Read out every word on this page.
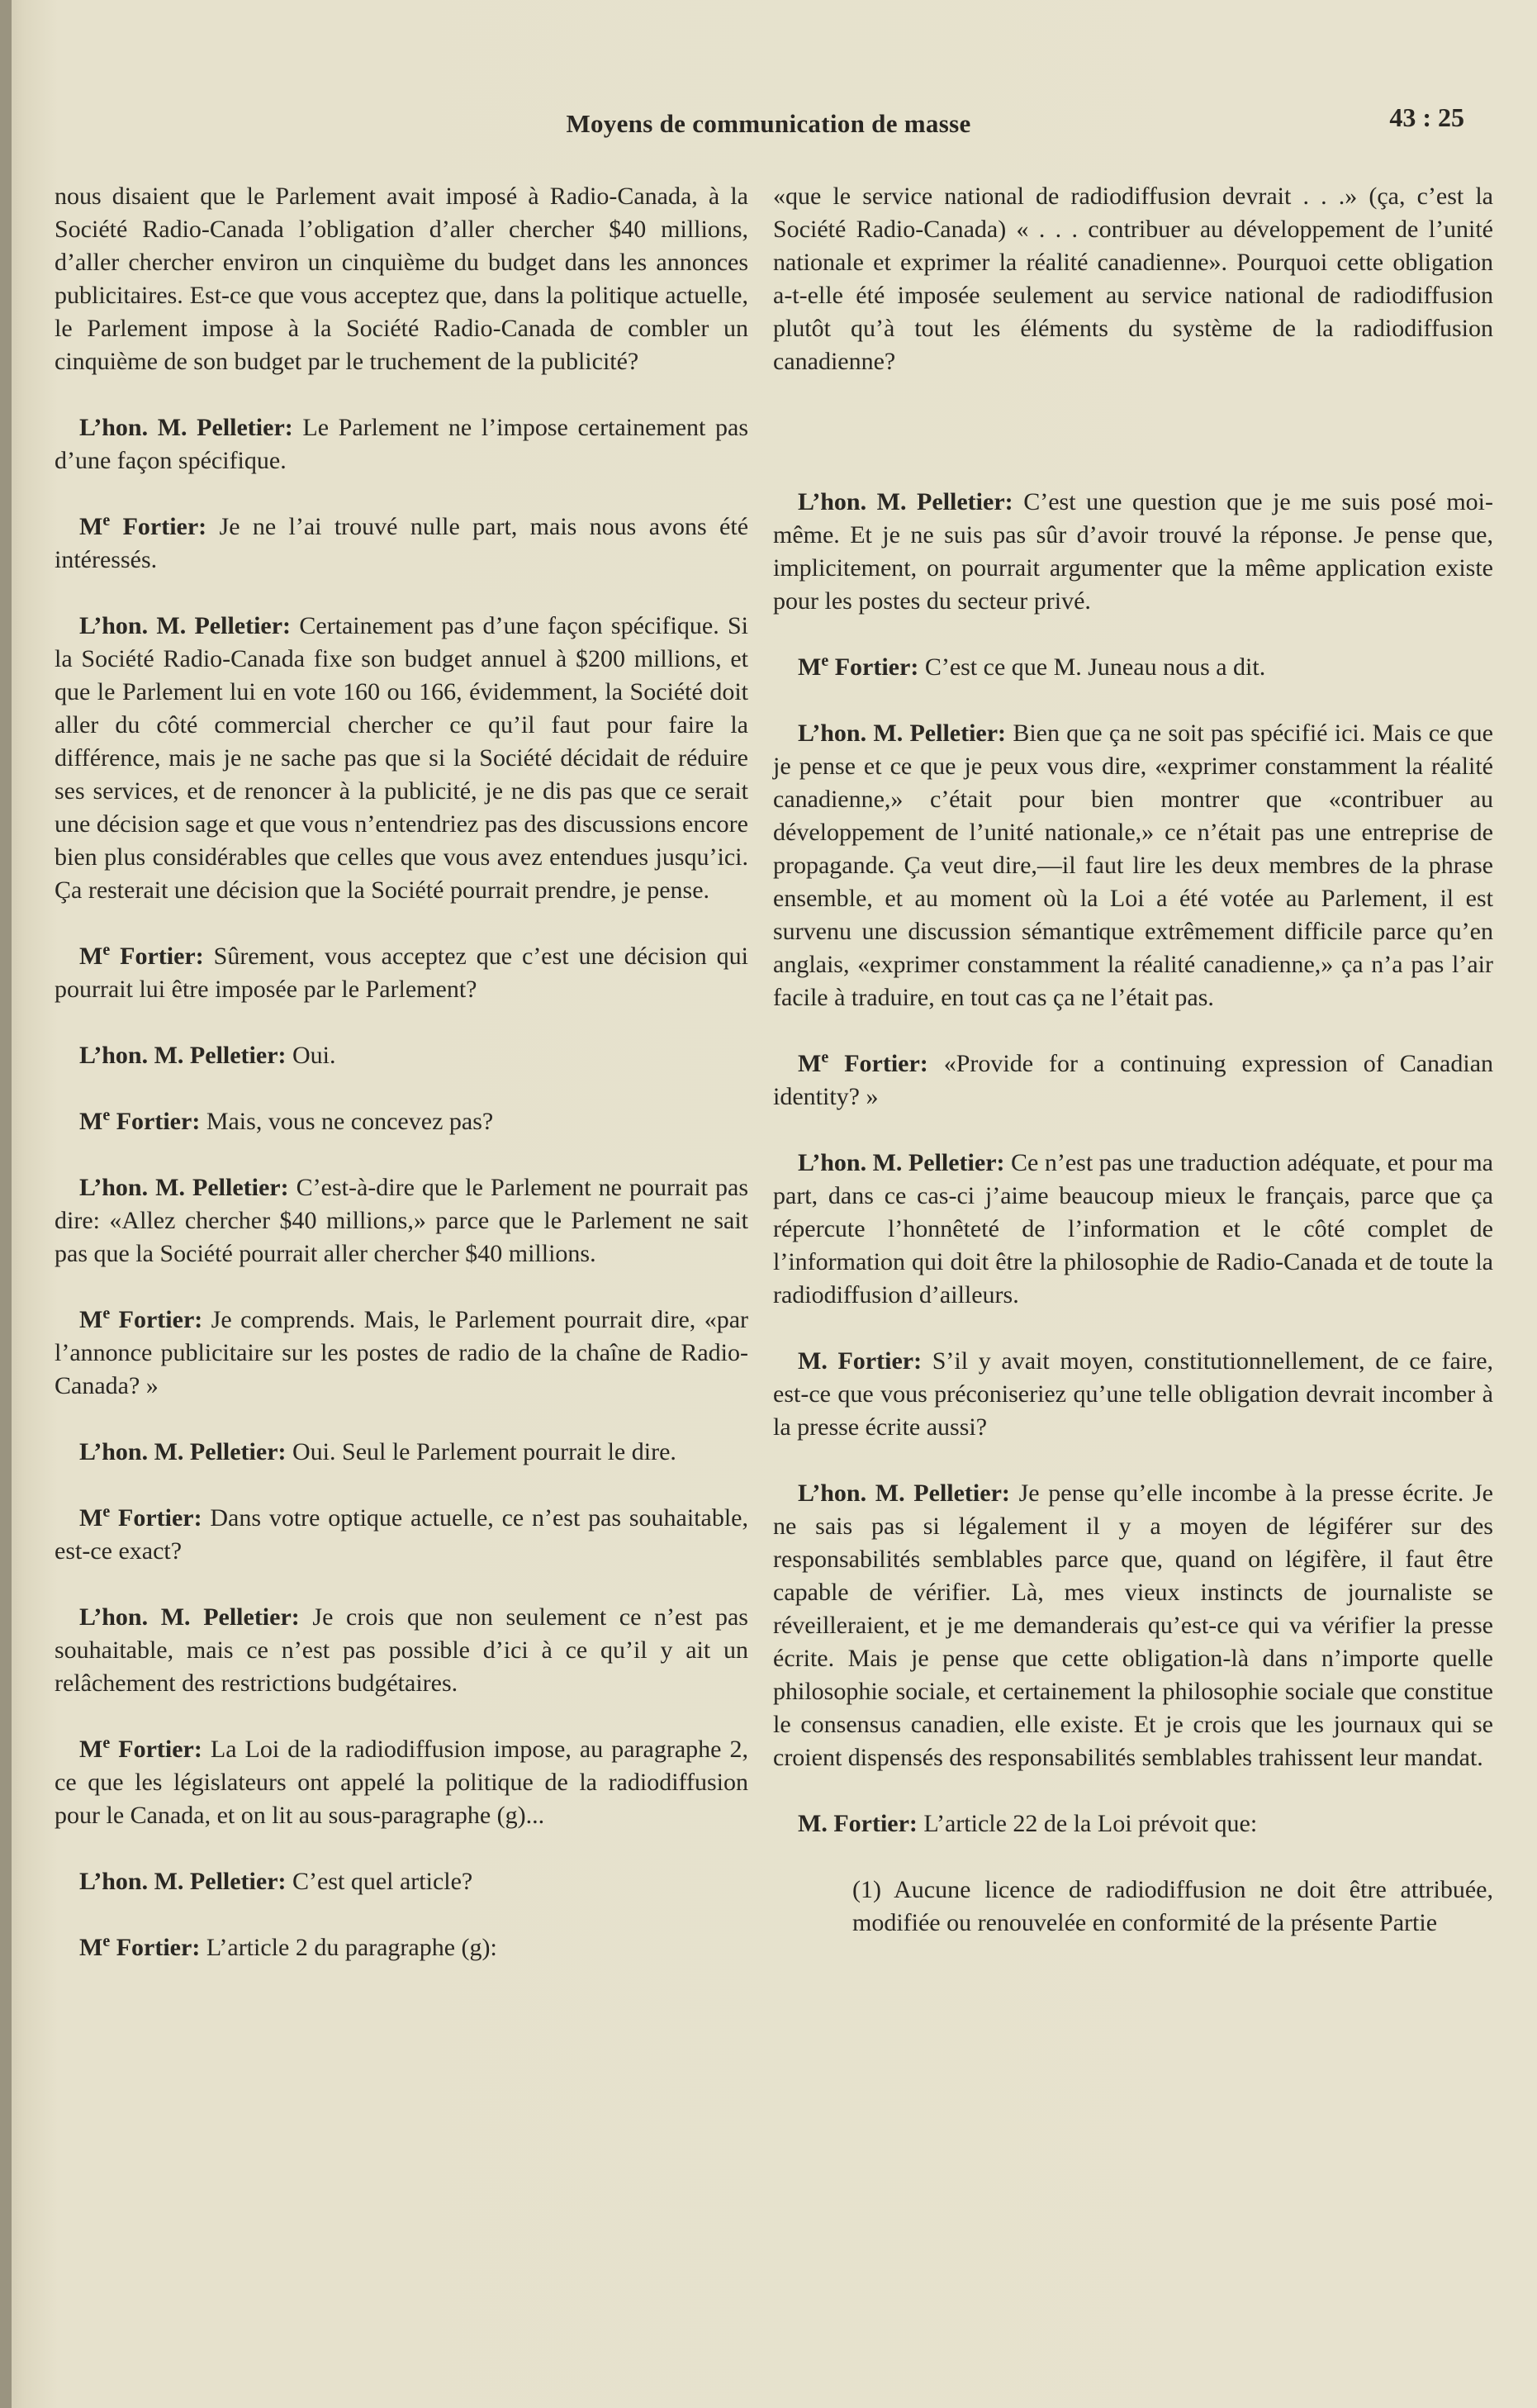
Moyens de communication de masse	43 : 25

nous disaient que le Parlement avait imposé à Radio-Canada, à la Société Radio-Canada l’obligation d’aller chercher $40 millions, d’aller chercher environ un cinquième du budget dans les annonces publicitaires. Est-ce que vous acceptez que, dans la politique actuelle, le Parlement impose à la Société Radio-Canada de combler un cinquième de son budget par le truchement de la publicité?

L’hon. M. Pelletier: Le Parlement ne l’impose certainement pas d’une façon spécifique.

Me Fortier: Je ne l’ai trouvé nulle part, mais nous avons été intéressés.

L’hon. M. Pelletier: Certainement pas d’une façon spécifique. Si la Société Radio-Canada fixe son budget annuel à $200 millions, et que le Parlement lui en vote 160 ou 166, évidemment, la Société doit aller du côté commercial chercher ce qu’il faut pour faire la différence, mais je ne sache pas que si la Société décidait de réduire ses services, et de renoncer à la publicité, je ne dis pas que ce serait une décision sage et que vous n’entendriez pas des discussions encore bien plus considérables que celles que vous avez entendues jusqu’ici. Ça resterait une décision que la Société pourrait prendre, je pense.

Me Fortier: Sûrement, vous acceptez que c’est une décision qui pourrait lui être imposée par le Parlement?

L’hon. M. Pelletier: Oui.

Me Fortier: Mais, vous ne concevez pas?

L’hon. M. Pelletier: C’est-à-dire que le Parlement ne pourrait pas dire: «Allez chercher $40 millions,» parce que le Parlement ne sait pas que la Société pourrait aller chercher $40 millions.

Me Fortier: Je comprends. Mais, le Parlement pourrait dire, «par l’annonce publicitaire sur les postes de radio de la chaîne de Radio-Canada? »

L’hon. M. Pelletier: Oui. Seul le Parlement pourrait le dire.

Me Fortier: Dans votre optique actuelle, ce n’est pas souhaitable, est-ce exact?

L’hon. M. Pelletier: Je crois que non seulement ce n’est pas souhaitable, mais ce n’est pas possible d’ici à ce qu’il y ait un relâchement des restrictions budgétaires.

Me Fortier: La Loi de la radiodiffusion impose, au paragraphe 2, ce que les législateurs ont appelé la politique de la radiodiffusion pour le Canada, et on lit au sous-paragraphe (g)...

L’hon. M. Pelletier: C’est quel article?

Me Fortier: L’article 2 du paragraphe (g):

«que le service national de radiodiffusion devrait . . .» (ça, c’est la Société Radio-Canada) « . . . contribuer au développement de l’unité nationale et exprimer la réalité canadienne». Pourquoi cette obligation a-t-elle été imposée seulement au service national de radiodiffusion plutôt qu’à tout les éléments du système de la radiodiffusion canadienne?

L’hon. M. Pelletier: C’est une question que je me suis posé moi-même. Et je ne suis pas sûr d’avoir trouvé la réponse. Je pense que, implicitement, on pourrait argumenter que la même application existe pour les postes du secteur privé.

Me Fortier: C’est ce que M. Juneau nous a dit.

L’hon. M. Pelletier: Bien que ça ne soit pas spécifié ici. Mais ce que je pense et ce que je peux vous dire, «exprimer constamment la réalité canadienne,» c’était pour bien montrer que «contribuer au développement de l’unité nationale,» ce n’était pas une entreprise de propagande. Ça veut dire,—il faut lire les deux membres de la phrase ensemble, et au moment où la Loi a été votée au Parlement, il est survenu une discussion sémantique extrêmement difficile parce qu’en anglais, «exprimer constamment la réalité canadienne,» ça n’a pas l’air facile à traduire, en tout cas ça ne l’était pas.

Me Fortier: «Provide for a continuing expression of Canadian identity? »

L’hon. M. Pelletier: Ce n’est pas une traduction adéquate, et pour ma part, dans ce cas-ci j’aime beaucoup mieux le français, parce que ça répercute l’honnêteté de l’information et le côté complet de l’information qui doit être la philosophie de Radio-Canada et de toute la radiodiffusion d’ailleurs.

M. Fortier: S’il y avait moyen, constitutionnellement, de ce faire, est-ce que vous préconiseriez qu’une telle obligation devrait incomber à la presse écrite aussi?

L’hon. M. Pelletier: Je pense qu’elle incombe à la presse écrite. Je ne sais pas si légalement il y a moyen de légiférer sur des responsabilités semblables parce que, quand on légifère, il faut être capable de vérifier. Là, mes vieux instincts de journaliste se réveilleraient, et je me demanderais qu’est-ce qui va vérifier la presse écrite. Mais je pense que cette obligation-là dans n’importe quelle philosophie sociale, et certainement la philosophie sociale que constitue le consensus canadien, elle existe. Et je crois que les journaux qui se croient dispensés des responsabilités semblables trahissent leur mandat.

M. Fortier: L’article 22 de la Loi prévoit que:

(1) Aucune licence de radiodiffusion ne doit être attribuée, modifiée ou renouvelée en conformité de la présente Partie
